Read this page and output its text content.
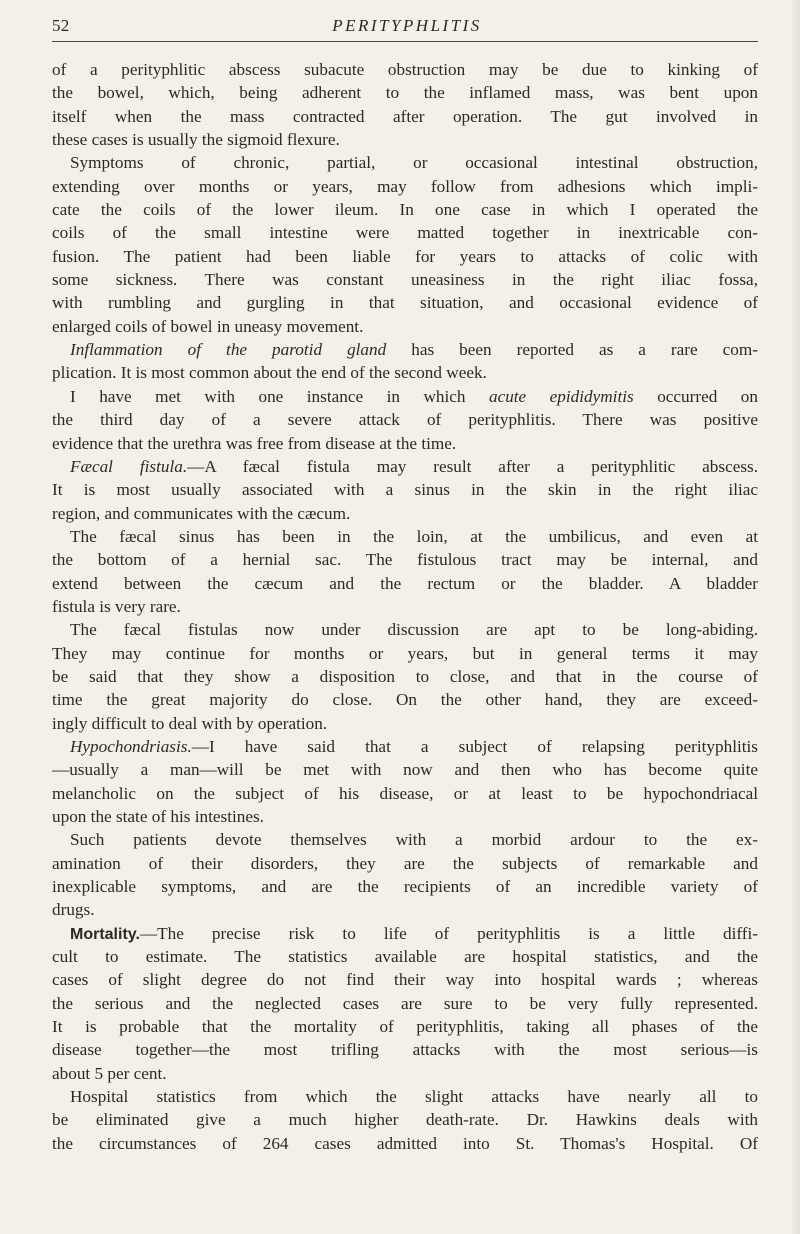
52	PERITYPHLITIS
of a perityphlitic abscess subacute obstruction may be due to kinking of
the bowel, which, being adherent to the inflamed mass, was bent upon
itself when the mass contracted after operation. The gut involved in
these cases is usually the sigmoid flexure.
Symptoms of chronic, partial, or occasional intestinal obstruction,
extending over months or years, may follow from adhesions which impli-
cate the coils of the lower ileum. In one case in which I operated the
coils of the small intestine were matted together in inextricable con-
fusion. The patient had been liable for years to attacks of colic with
some sickness. There was constant uneasiness in the right iliac fossa,
with rumbling and gurgling in that situation, and occasional evidence of
enlarged coils of bowel in uneasy movement.
Inflammation of the parotid gland has been reported as a rare com-
plication. It is most common about the end of the second week.
I have met with one instance in which acute epididymitis occurred on
the third day of a severe attack of perityphlitis. There was positive
evidence that the urethra was free from disease at the time.
Fæcal fistula.—A fæcal fistula may result after a perityphlitic abscess.
It is most usually associated with a sinus in the skin in the right iliac
region, and communicates with the cæcum.
The fæcal sinus has been in the loin, at the umbilicus, and even at
the bottom of a hernial sac. The fistulous tract may be internal, and
extend between the cæcum and the rectum or the bladder. A bladder
fistula is very rare.
The fæcal fistulas now under discussion are apt to be long-abiding.
They may continue for months or years, but in general terms it may
be said that they show a disposition to close, and that in the course of
time the great majority do close. On the other hand, they are exceed-
ingly difficult to deal with by operation.
Hypochondriasis.—I have said that a subject of relapsing perityphlitis
—usually a man—will be met with now and then who has become quite
melancholic on the subject of his disease, or at least to be hypochondriacal
upon the state of his intestines.
Such patients devote themselves with a morbid ardour to the ex-
amination of their disorders, they are the subjects of remarkable and
inexplicable symptoms, and are the recipients of an incredible variety of
drugs.
Mortality.—The precise risk to life of perityphlitis is a little diffi-
cult to estimate. The statistics available are hospital statistics, and the
cases of slight degree do not find their way into hospital wards ; whereas
the serious and the neglected cases are sure to be very fully represented.
It is probable that the mortality of perityphlitis, taking all phases of the
disease together—the most trifling attacks with the most serious—is
about 5 per cent.
Hospital statistics from which the slight attacks have nearly all to
be eliminated give a much higher death-rate. Dr. Hawkins deals with
the circumstances of 264 cases admitted into St. Thomas's Hospital. Of
